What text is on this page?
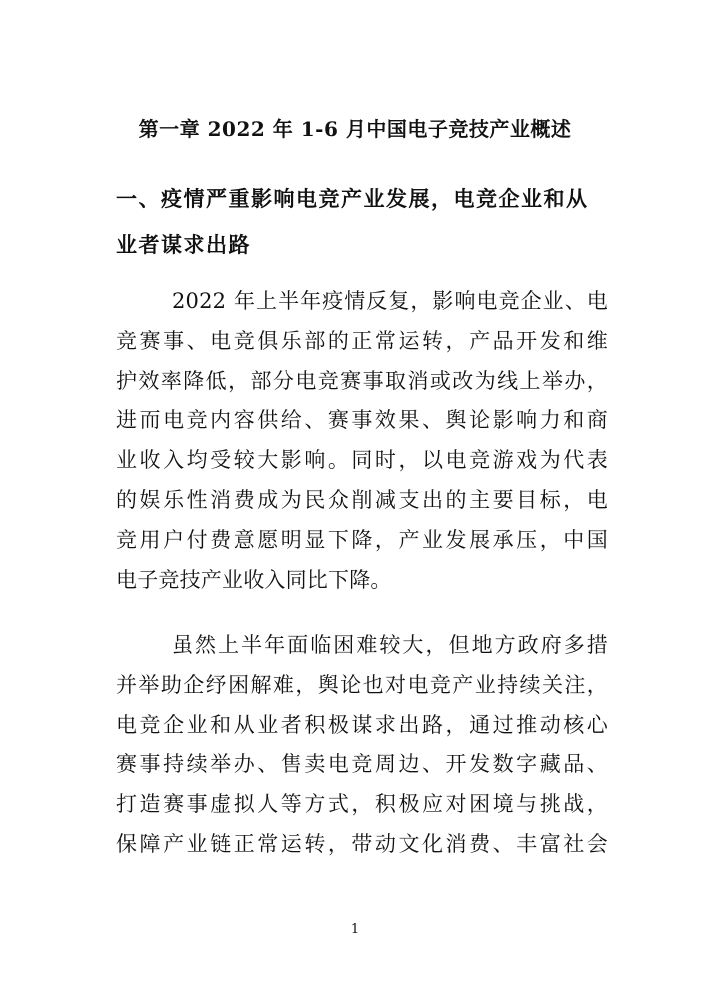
第一章 2022 年 1-6 月中国电子竞技产业概述
一、疫情严重影响电竞产业发展，电竞企业和从
业者谋求出路
2022 年上半年疫情反复，影响电竞企业、电
竞赛事、电竞俱乐部的正常运转，产品开发和维
护效率降低，部分电竞赛事取消或改为线上举办，
进而电竞内容供给、赛事效果、舆论影响力和商
业收入均受较大影响。同时，以电竞游戏为代表
的娱乐性消费成为民众削减支出的主要目标，电
竞用户付费意愿明显下降，产业发展承压，中国
电子竞技产业收入同比下降。
虽然上半年面临困难较大，但地方政府多措
并举助企纾困解难，舆论也对电竞产业持续关注，
电竞企业和从业者积极谋求出路，通过推动核心
赛事持续举办、售卖电竞周边、开发数字藏品、
打造赛事虚拟人等方式，积极应对困境与挑战，
保障产业链正常运转，带动文化消费、丰富社会
1
